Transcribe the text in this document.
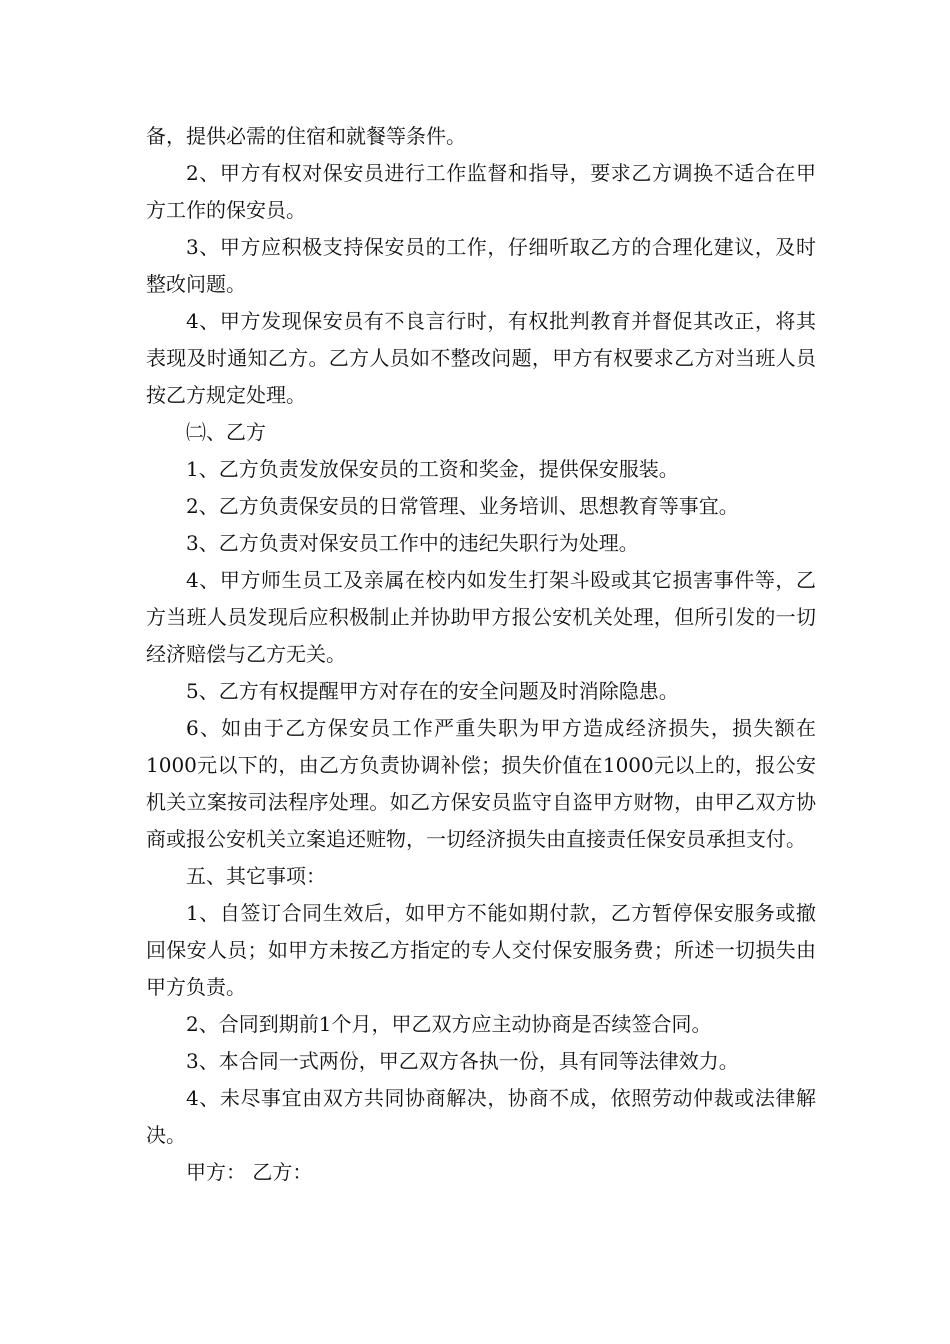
备，提供必需的住宿和就餐等条件。

2、甲方有权对保安员进行工作监督和指导，要求乙方调换不适合在甲方工作的保安员。

3、甲方应积极支持保安员的工作，仔细听取乙方的合理化建议，及时整改问题。

4、甲方发现保安员有不良言行时，有权批判教育并督促其改正，将其表现及时通知乙方。乙方人员如不整改问题，甲方有权要求乙方对当班人员按乙方规定处理。

㈡、乙方

1、乙方负责发放保安员的工资和奖金，提供保安服装。

2、乙方负责保安员的日常管理、业务培训、思想教育等事宜。

3、乙方负责对保安员工作中的违纪失职行为处理。

4、甲方师生员工及亲属在校内如发生打架斗殴或其它损害事件等，乙方当班人员发现后应积极制止并协助甲方报公安机关处理，但所引发的一切经济赔偿与乙方无关。

5、乙方有权提醒甲方对存在的安全问题及时消除隐患。

6、如由于乙方保安员工作严重失职为甲方造成经济损失，损失额在1000元以下的，由乙方负责协调补偿；损失价值在1000元以上的，报公安机关立案按司法程序处理。如乙方保安员监守自盗甲方财物，由甲乙双方协商或报公安机关立案追还赃物，一切经济损失由直接责任保安员承担支付。

五、其它事项：

1、自签订合同生效后，如甲方不能如期付款，乙方暂停保安服务或撤回保安人员；如甲方未按乙方指定的专人交付保安服务费；所述一切损失由甲方负责。

2、合同到期前1个月，甲乙双方应主动协商是否续签合同。

3、本合同一式两份，甲乙双方各执一份，具有同等法律效力。

4、未尽事宜由双方共同协商解决，协商不成，依照劳动仲裁或法律解决。

甲方： 乙方：
